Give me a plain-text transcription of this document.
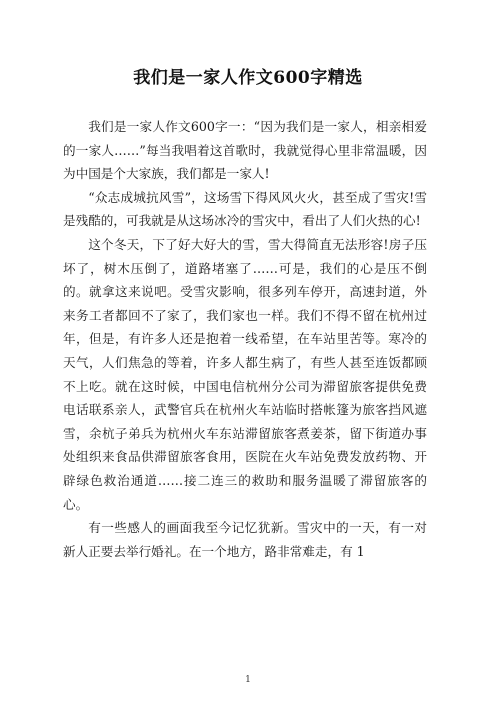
我们是一家人作文600字精选

我们是一家人作文600字一：“因为我们是一家人，相亲相爱的一家人……”每当我唱着这首歌时，我就觉得心里非常温暖，因为中国是个大家族，我们都是一家人!

“众志成城抗风雪”，这场雪下得风风火火，甚至成了雪灾!雪是残酷的，可我就是从这场冰冷的雪灾中，看出了人们火热的心!

这个冬天，下了好大好大的雪，雪大得简直无法形容!房子压坏了，树木压倒了，道路堵塞了……可是，我们的心是压不倒的。就拿这来说吧。受雪灾影响，很多列车停开，高速封道，外来务工者都回不了家了，我们家也一样。我们不得不留在杭州过年，但是，有许多人还是抱着一线希望，在车站里苦等。寒冷的天气，人们焦急的等着，许多人都生病了，有些人甚至连饭都顾不上吃。就在这时候，中国电信杭州分公司为滞留旅客提供免费电话联系亲人，武警官兵在杭州火车站临时搭帐篷为旅客挡风遮雪，余杭子弟兵为杭州火车东站滞留旅客煮姜茶，留下街道办事处组织来食品供滞留旅客食用，医院在火车站免费发放药物、开辟绿色救治通道……接二连三的救助和服务温暖了滞留旅客的心。

有一些感人的画面我至今记忆犹新。雪灾中的一天，有一对新人正要去举行婚礼。在一个地方，路非常难走，有 1

1
